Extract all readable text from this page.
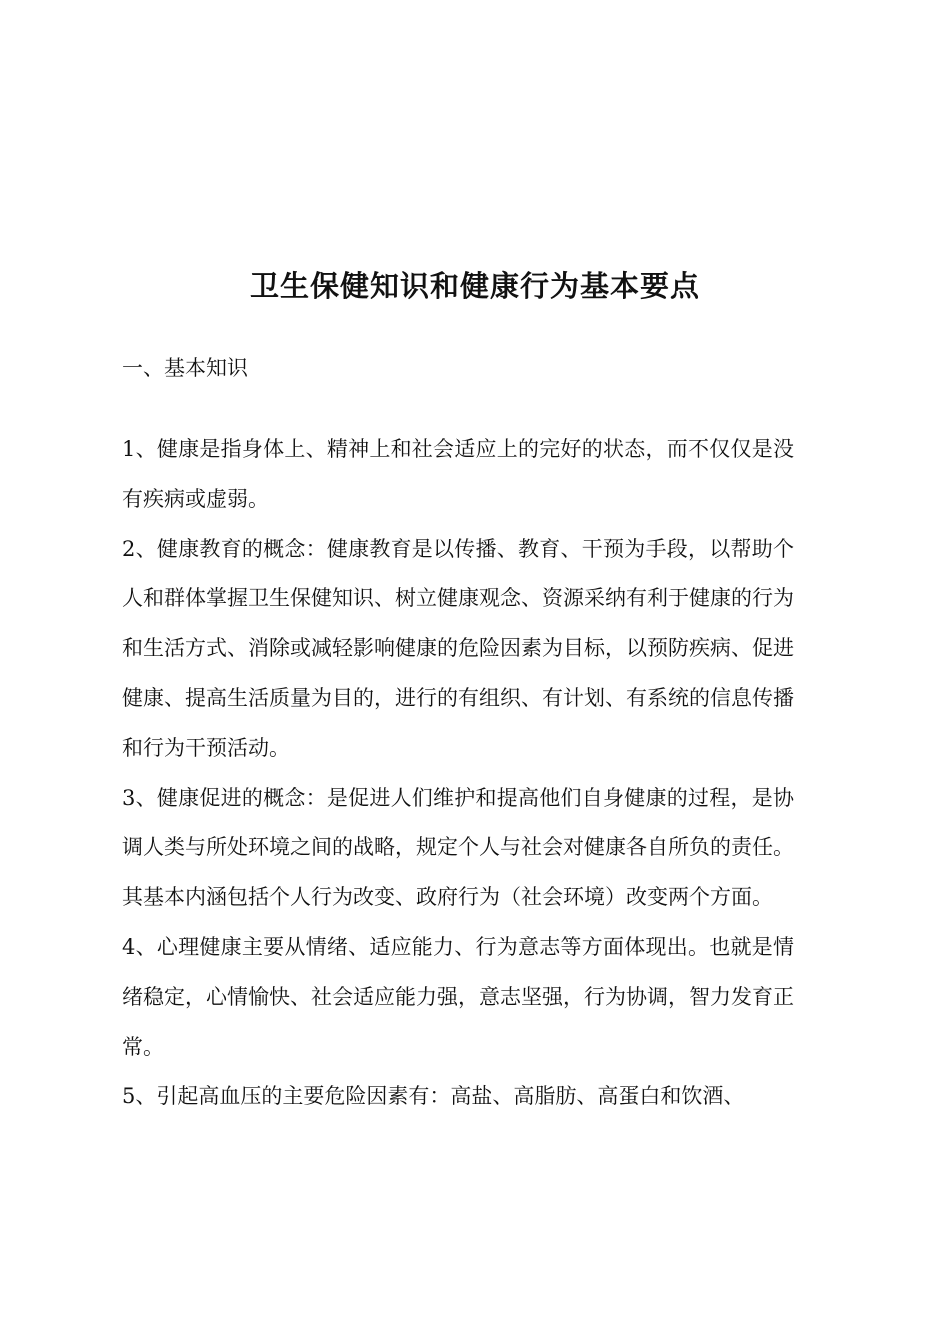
卫生保健知识和健康行为基本要点

一、基本知识

1、健康是指身体上、精神上和社会适应上的完好的状态，而不仅仅是没有疾病或虚弱。

2、健康教育的概念：健康教育是以传播、教育、干预为手段，以帮助个人和群体掌握卫生保健知识、树立健康观念、资源采纳有利于健康的行为和生活方式、消除或减轻影响健康的危险因素为目标，以预防疾病、促进健康、提高生活质量为目的，进行的有组织、有计划、有系统的信息传播和行为干预活动。

3、健康促进的概念：是促进人们维护和提高他们自身健康的过程，是协调人类与所处环境之间的战略，规定个人与社会对健康各自所负的责任。其基本内涵包括个人行为改变、政府行为（社会环境）改变两个方面。

4、心理健康主要从情绪、适应能力、行为意志等方面体现出。也就是情绪稳定，心情愉快、社会适应能力强，意志坚强，行为协调，智力发育正常。

5、引起高血压的主要危险因素有：高盐、高脂肪、高蛋白和饮酒、
